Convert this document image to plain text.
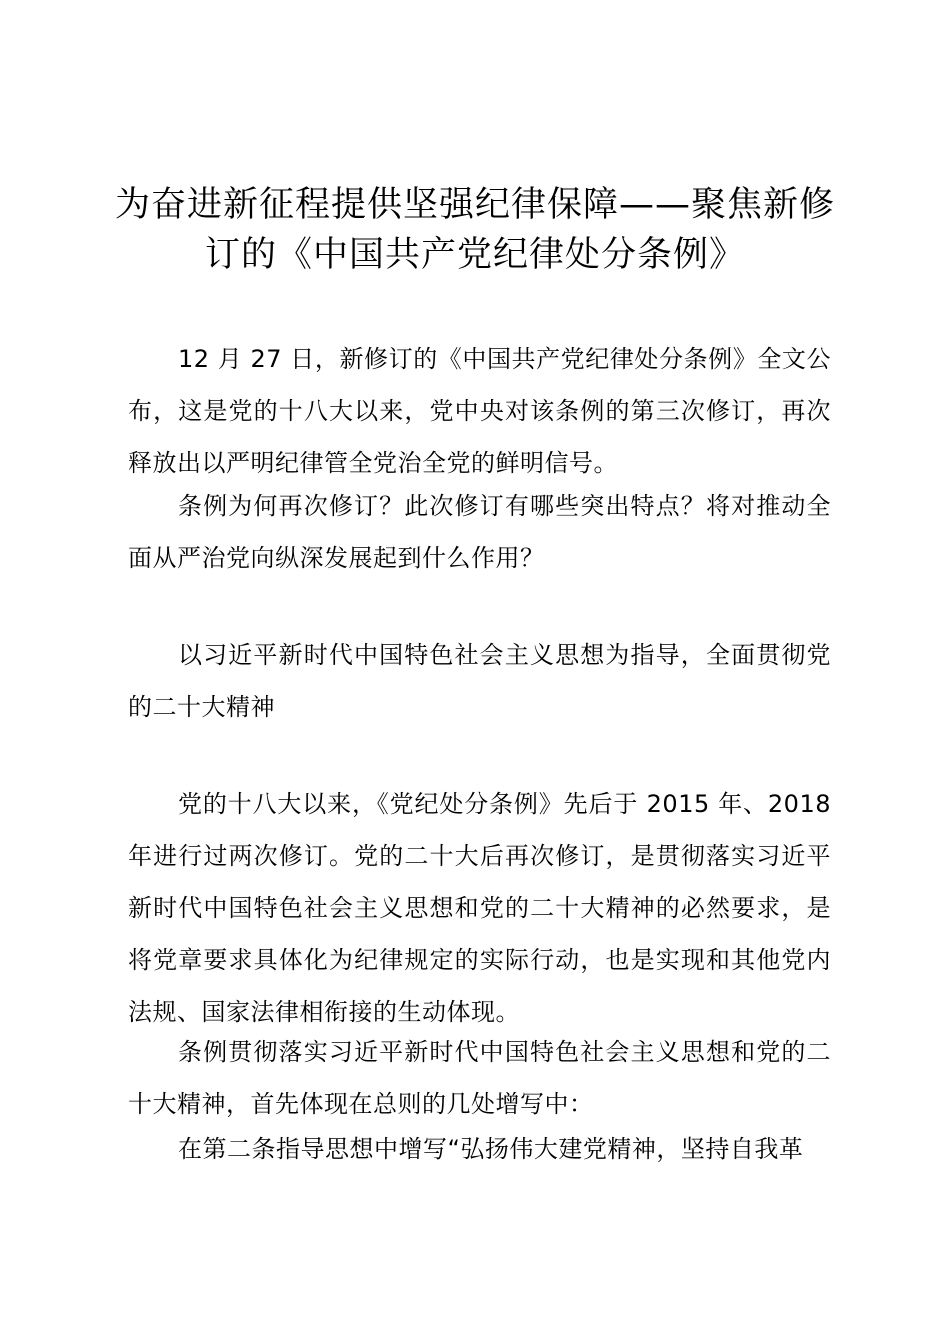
为奋进新征程提供坚强纪律保障——聚焦新修订的《中国共产党纪律处分条例》

12 月 27 日，新修订的《中国共产党纪律处分条例》全文公布，这是党的十八大以来，党中央对该条例的第三次修订，再次释放出以严明纪律管全党治全党的鲜明信号。

条例为何再次修订？此次修订有哪些突出特点？将对推动全面从严治党向纵深发展起到什么作用？

以习近平新时代中国特色社会主义思想为指导，全面贯彻党的二十大精神

党的十八大以来，《党纪处分条例》先后于 2015 年、2018 年进行过两次修订。党的二十大后再次修订，是贯彻落实习近平新时代中国特色社会主义思想和党的二十大精神的必然要求，是将党章要求具体化为纪律规定的实际行动，也是实现和其他党内法规、国家法律相衔接的生动体现。

条例贯彻落实习近平新时代中国特色社会主义思想和党的二十大精神，首先体现在总则的几处增写中：

在第二条指导思想中增写“弘扬伟大建党精神，坚持自我革
